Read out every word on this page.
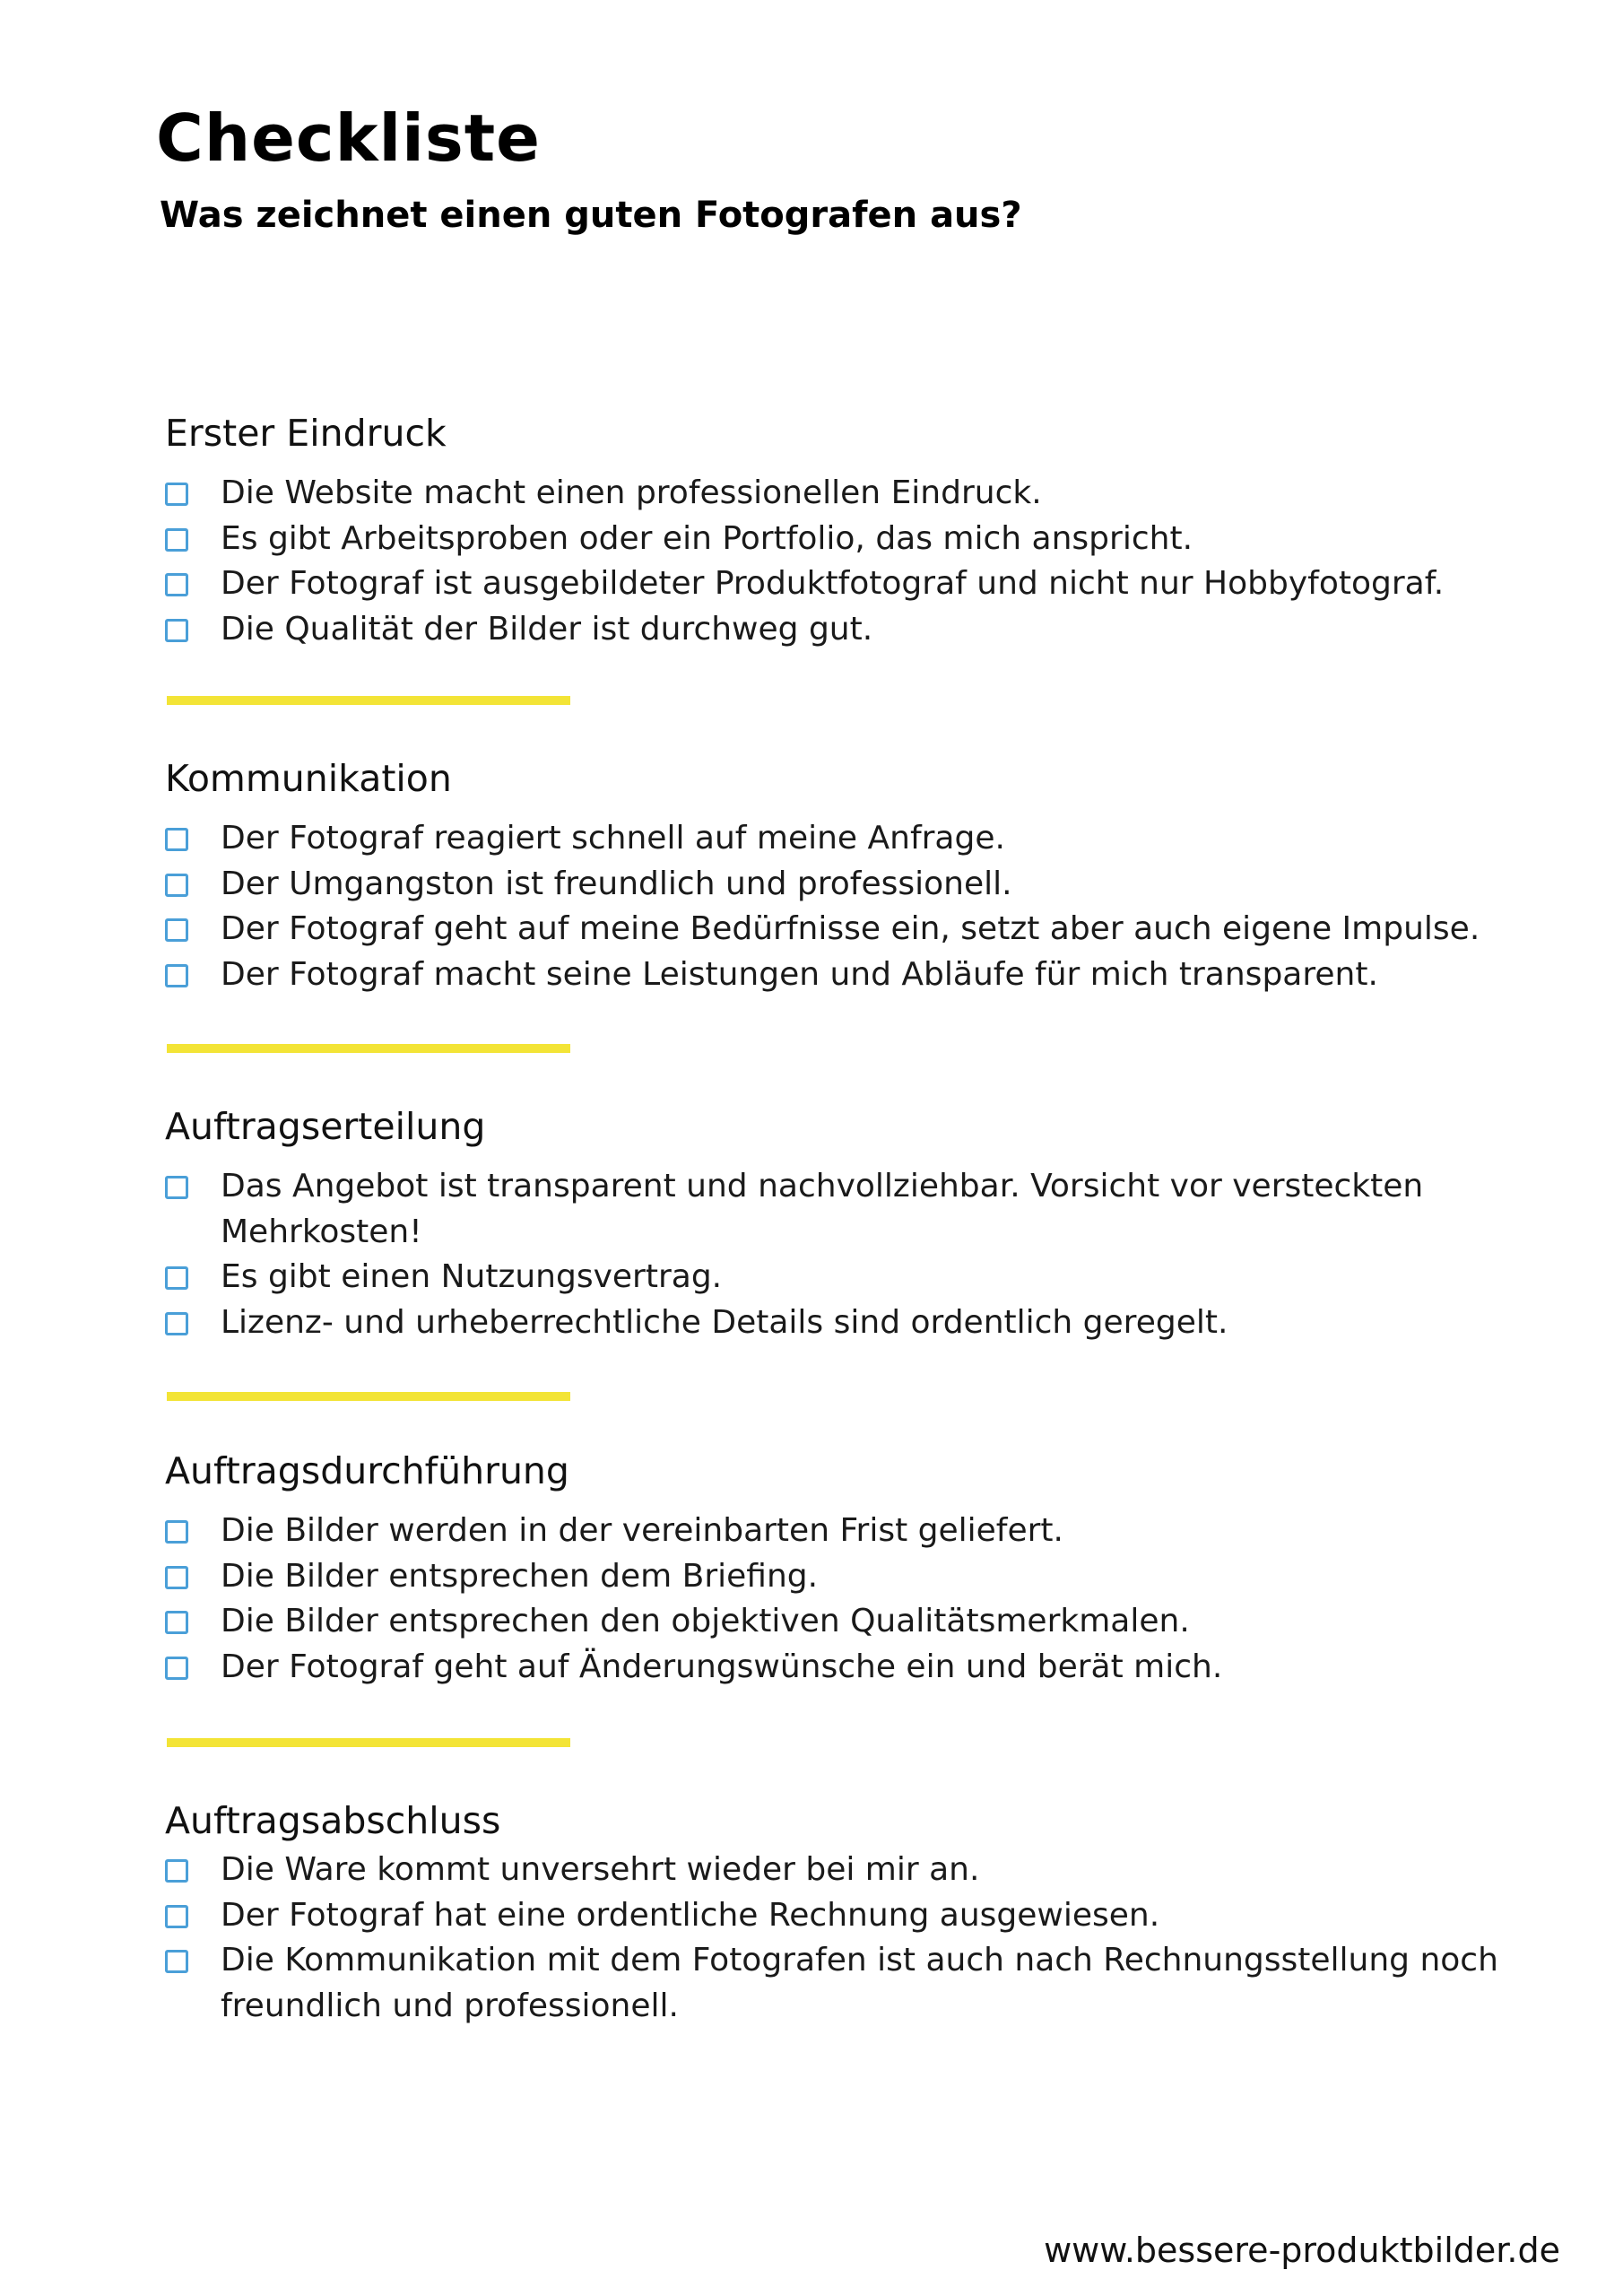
Checkliste
Was zeichnet einen guten Fotografen aus?
Erster Eindruck
Die Website macht einen professionellen Eindruck.
Es gibt Arbeitsproben oder ein Portfolio, das mich anspricht.
Der Fotograf ist ausgebildeter Produktfotograf und nicht nur Hobbyfotograf.
Die Qualität der Bilder ist durchweg gut.
Kommunikation
Der Fotograf reagiert schnell auf meine Anfrage.
Der Umgangston ist freundlich und professionell.
Der Fotograf geht auf meine Bedürfnisse ein, setzt aber auch eigene Impulse.
Der Fotograf macht seine Leistungen und Abläufe für mich transparent.
Auftragserteilung
Das Angebot ist transparent und nachvollziehbar. Vorsicht vor versteckten Mehrkosten!
Es gibt einen Nutzungsvertrag.
Lizenz- und urheberrechtliche Details sind ordentlich geregelt.
Auftragsdurchführung
Die Bilder werden in der vereinbarten Frist geliefert.
Die Bilder entsprechen dem Briefing.
Die Bilder entsprechen den objektiven Qualitätsmerkmalen.
Der Fotograf geht auf Änderungswünsche ein und berät mich.
Auftragsabschluss
Die Ware kommt unversehrt wieder bei mir an.
Der Fotograf hat eine ordentliche Rechnung ausgewiesen.
Die Kommunikation mit dem Fotografen ist auch nach Rechnungsstellung noch freundlich und professionell.

www.bessere-produktbilder.de
